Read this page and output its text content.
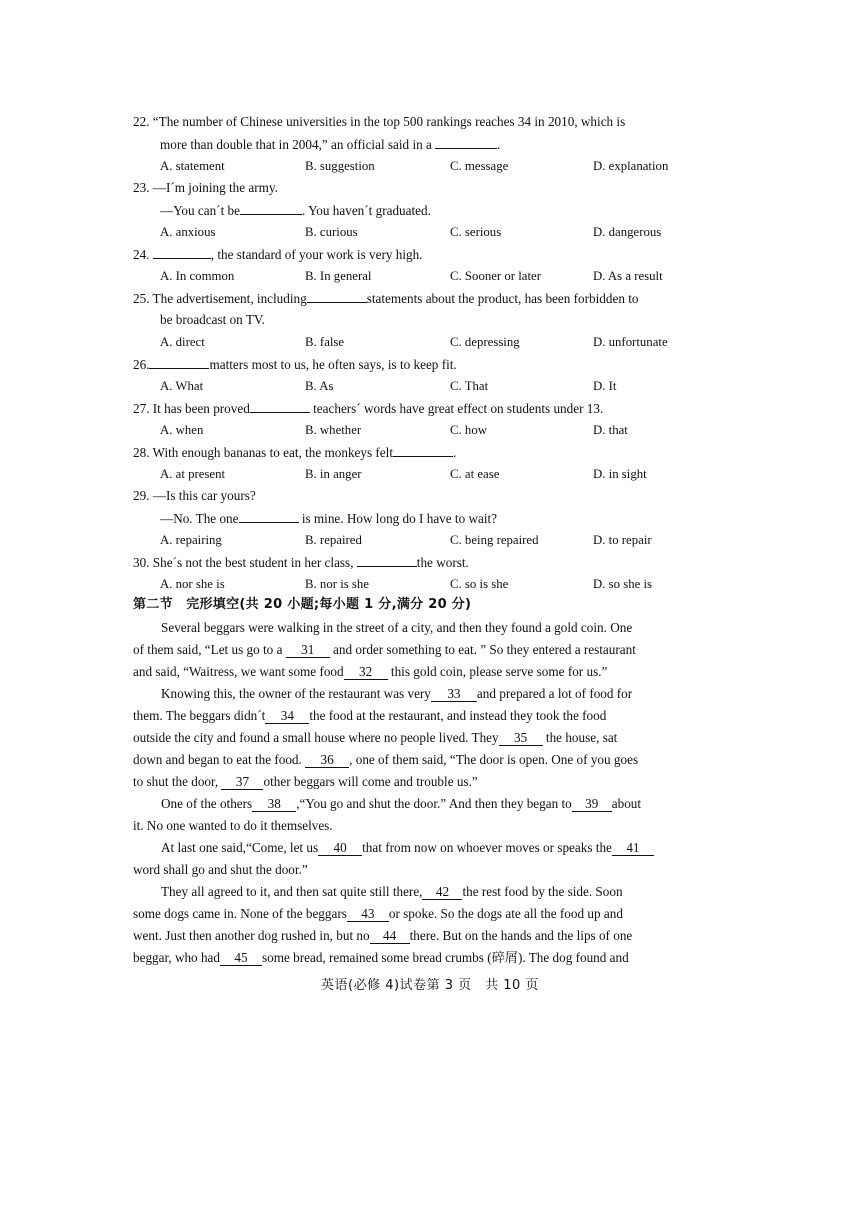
22. “The number of Chinese universities in the top 500 rankings reaches 34 in 2010, which is
more than double that in 2004,” an official said in a	.
A. statement	B. suggestion	C. message	D. explanation
23. —I´m joining the army.
—You can´t be	. You haven´t graduated.
A. anxious	B. curious	C. serious	D. dangerous
24.	, the standard of your work is very high.
A. In common	B. In general	C. Sooner or later	D. As a result
25. The advertisement, including	statements about the product, has been forbidden to
be broadcast on TV.
A. direct	B. false	C. depressing	D. unfortunate
26.	matters most to us, he often says, is to keep fit.
A. What	B. As	C. That	D. It
27. It has been proved	teachers´ words have great effect on students under 13.
A. when	B. whether	C. how	D. that
28. With enough bananas to eat, the monkeys felt	.
A. at present	B. in anger	C. at ease	D. in sight
29. —Is this car yours?
—No. The one	is mine. How long do I have to wait?
A. repairing	B. repaired	C. being repaired	D. to repair
30. She´s not the best student in her class,	the worst.
A. nor she is	B. nor is she	C. so is she	D. so she is
第二节　完形填空(共 20 小题;每小题 1 分,满分 20 分)
Several beggars were walking in the street of a city, and then they found a gold coin. One
of them said, “Let us go to a 31 and order something to eat. ” So they entered a restaurant
and said, “Waitress, we want some food 32 this gold coin, please serve some for us.”
Knowing this, the owner of the restaurant was very 33 and prepared a lot of food for
them. The beggars didn´t 34 the food at the restaurant, and instead they took the food
outside the city and found a small house where no people lived. They 35 the house, sat
down and began to eat the food. 36 , one of them said, “The door is open. One of you goes
to shut the door, 37 other beggars will come and trouble us.”
One of the others 38 ,“You go and shut the door.” And then they began to 39 about
it. No one wanted to do it themselves.
At last one said,“Come, let us 40 that from now on whoever moves or speaks the 41
word shall go and shut the door.”
They all agreed to it, and then sat quite still there, 42 the rest food by the side. Soon
some dogs came in. None of the beggars 43 or spoke. So the dogs ate all the food up and
went. Just then another dog rushed in, but no 44 there. But on the hands and the lips of one
beggar, who had 45 some bread, remained some bread crumbs (碎屑). The dog found and
英语(必修 4)试卷第 3 页　共 10 页
